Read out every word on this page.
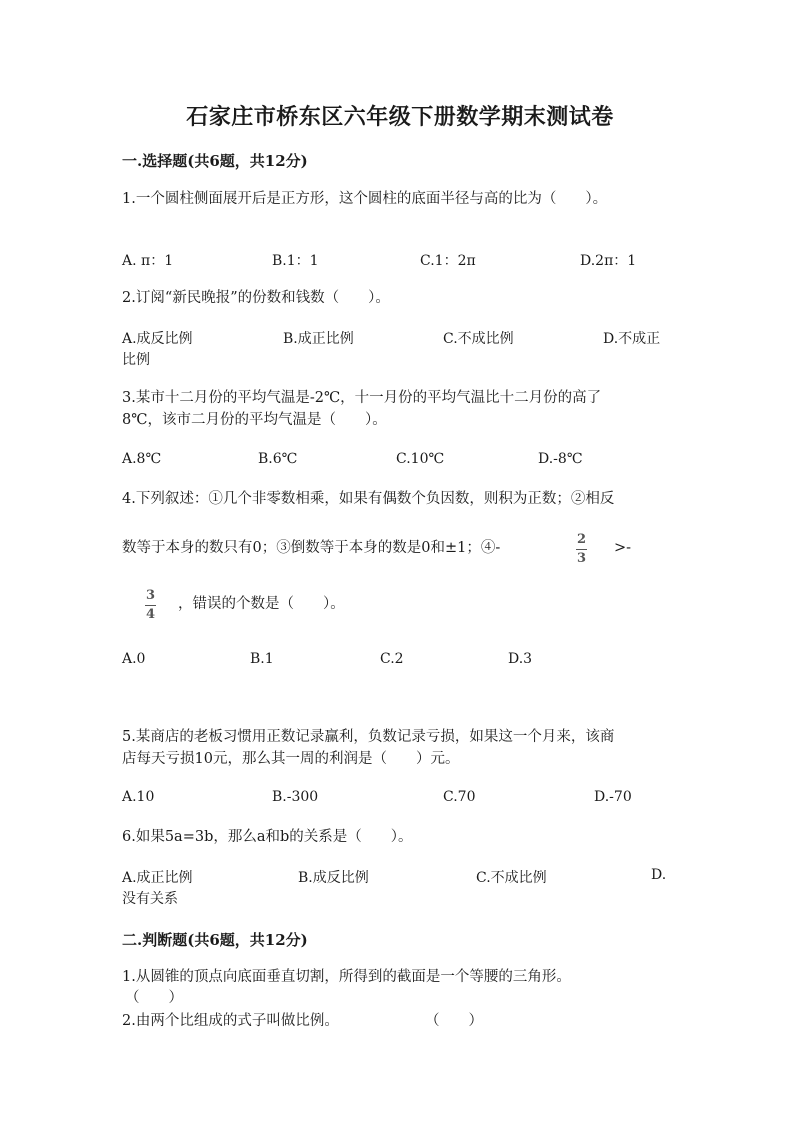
石家庄市桥东区六年级下册数学期末测试卷
一.选择题(共6题，共12分)
1.一个圆柱侧面展开后是正方形，这个圆柱的底面半径与高的比为（　　）。
A. π：1	B.1：1	C.1：2π	D.2π：1
2.订阅“新民晚报”的份数和钱数（　　）。
A.成反比例	B.成正比例	C.不成比例	D.不成正
比例
3.某市十二月份的平均气温是-2℃，十一月份的平均气温比十二月份的高了
8℃，该市二月份的平均气温是（　　）。
A.8℃	B.6℃	C.10℃	D.-8℃
4.下列叙述：①几个非零数相乘，如果有偶数个负因数，则积为正数；②相反
数等于本身的数只有0；③倒数等于本身的数是0和±1；④-
2
3
>-
3
4
，错误的个数是（　　）。
A.0	B.1	C.2	D.3
5.某商店的老板习惯用正数记录赢利，负数记录亏损，如果这一个月来，该商
店每天亏损10元，那么其一周的利润是（　　）元。
A.10	B.-300	C.70	D.-70
6.如果5a=3b，那么a和b的关系是（　　）。
A.成正比例	B.成反比例	C.不成比例	D.
没有关系
二.判断题(共6题，共12分)
1.从圆锥的顶点向底面垂直切割，所得到的截面是一个等腰的三角形。
（　　）
2.由两个比组成的式子叫做比例。	（　　）
